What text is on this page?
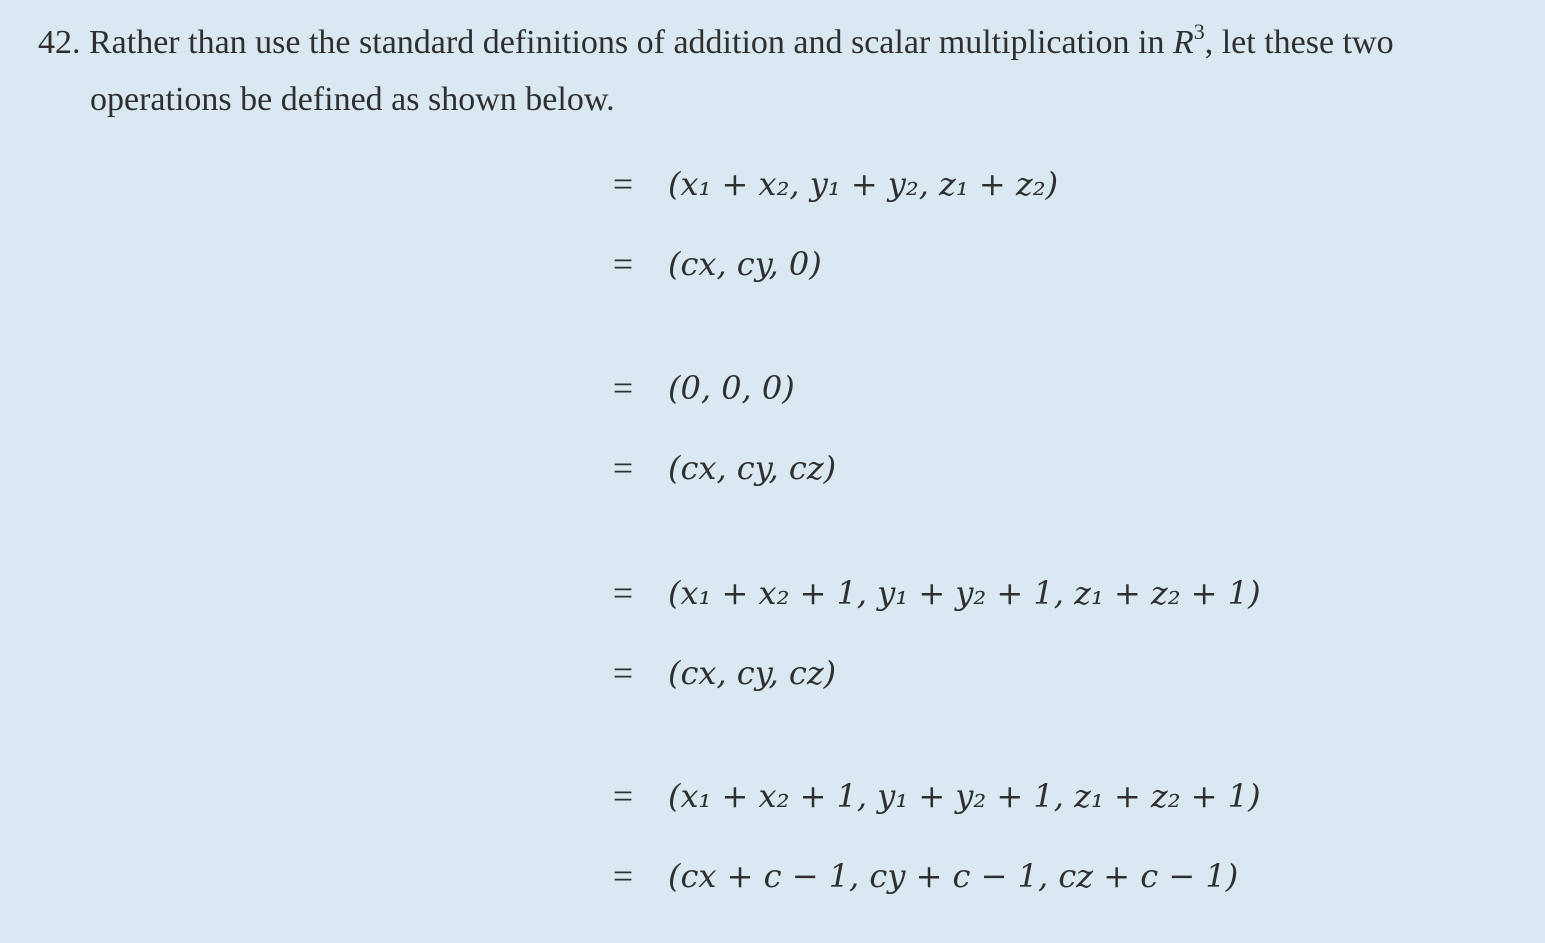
42. Rather than use the standard definitions of addition and scalar multiplication in $R^3$, let these two
operations be defined as shown below.
= (x₁ + x₂, y₁ + y₂, z₁ + z₂)
= (cx, cy, 0)
= (0, 0, 0)
= (cx, cy, cz)
= (x₁ + x₂ + 1, y₁ + y₂ + 1, z₁ + z₂ + 1)
= (cx, cy, cz)
= (x₁ + x₂ + 1, y₁ + y₂ + 1, z₁ + z₂ + 1)
= (cx + c − 1, cy + c − 1, cz + c − 1)
